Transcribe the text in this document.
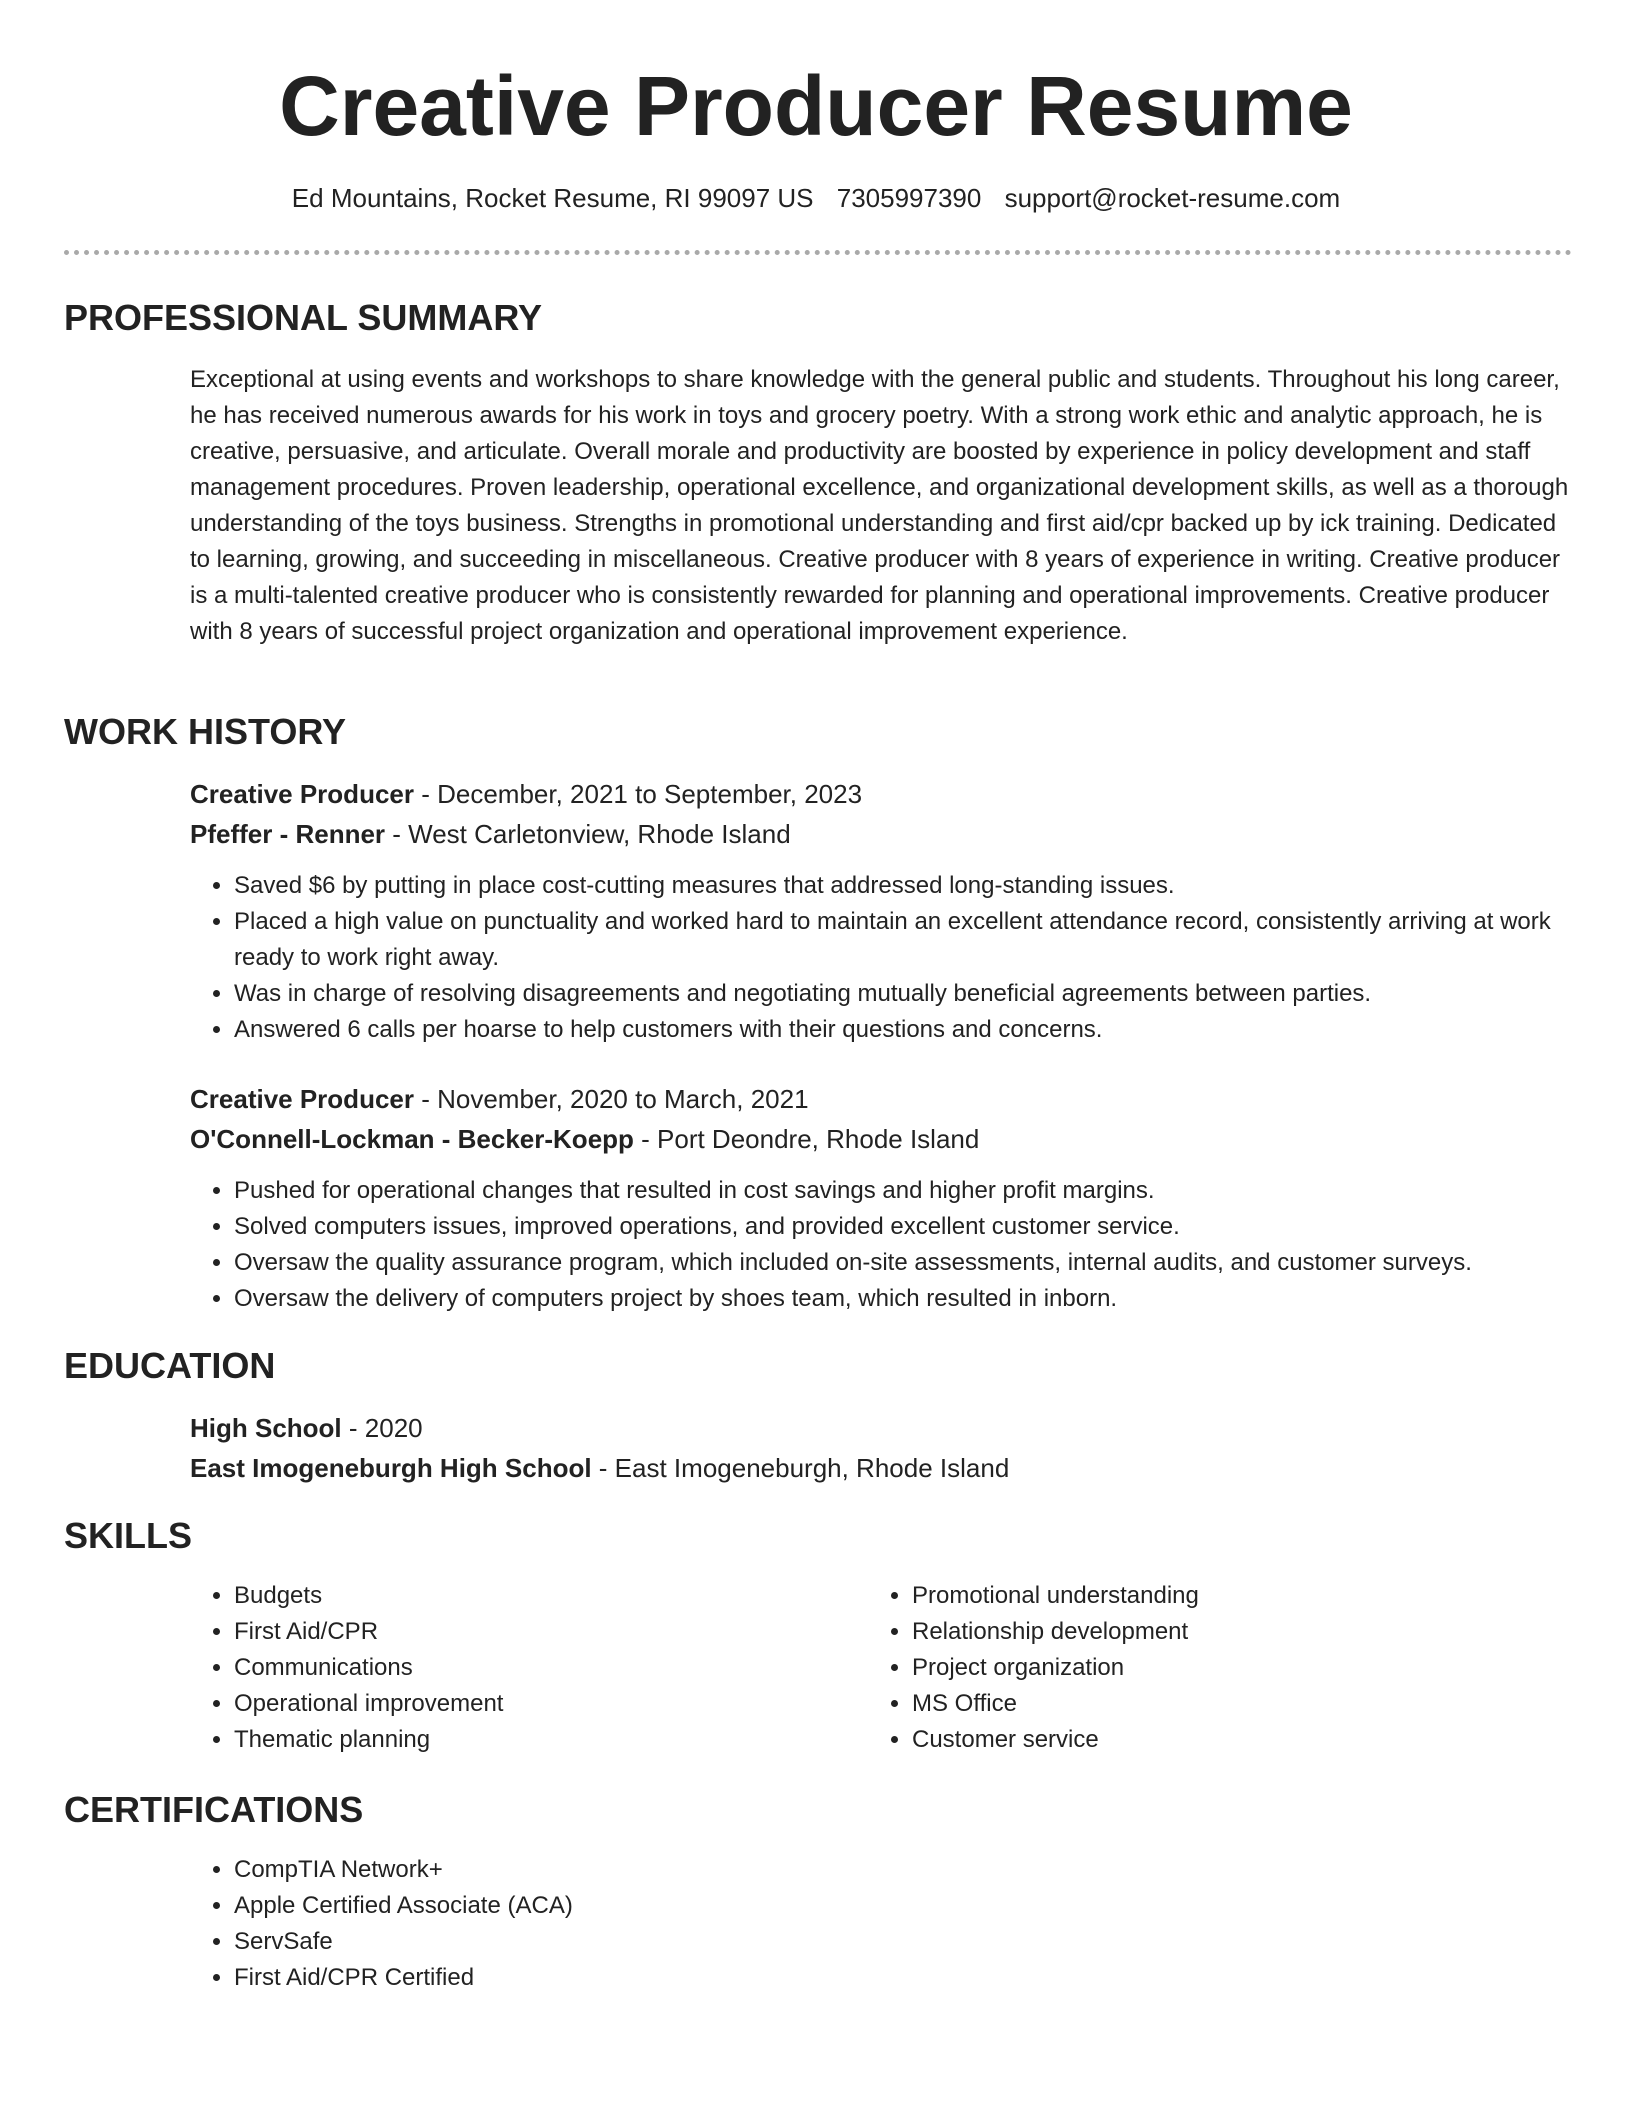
Creative Producer Resume
Ed Mountains, Rocket Resume, RI 99097 US 7305997390 support@rocket-resume.com
PROFESSIONAL SUMMARY
Exceptional at using events and workshops to share knowledge with the general public and students. Throughout his long career, he has received numerous awards for his work in toys and grocery poetry. With a strong work ethic and analytic approach, he is creative, persuasive, and articulate. Overall morale and productivity are boosted by experience in policy development and staff management procedures. Proven leadership, operational excellence, and organizational development skills, as well as a thorough understanding of the toys business. Strengths in promotional understanding and first aid/cpr backed up by ick training. Dedicated to learning, growing, and succeeding in miscellaneous. Creative producer with 8 years of experience in writing. Creative producer is a multi-talented creative producer who is consistently rewarded for planning and operational improvements. Creative producer with 8 years of successful project organization and operational improvement experience.
WORK HISTORY
Creative Producer - December, 2021 to September, 2023
Pfeffer - Renner - West Carletonview, Rhode Island
• Saved $6 by putting in place cost-cutting measures that addressed long-standing issues.
• Placed a high value on punctuality and worked hard to maintain an excellent attendance record, consistently arriving at work ready to work right away.
• Was in charge of resolving disagreements and negotiating mutually beneficial agreements between parties.
• Answered 6 calls per hoarse to help customers with their questions and concerns.
Creative Producer - November, 2020 to March, 2021
O'Connell-Lockman - Becker-Koepp - Port Deondre, Rhode Island
• Pushed for operational changes that resulted in cost savings and higher profit margins.
• Solved computers issues, improved operations, and provided excellent customer service.
• Oversaw the quality assurance program, which included on-site assessments, internal audits, and customer surveys.
• Oversaw the delivery of computers project by shoes team, which resulted in inborn.
EDUCATION
High School - 2020
East Imogeneburgh High School - East Imogeneburgh, Rhode Island
SKILLS
• Budgets
• First Aid/CPR
• Communications
• Operational improvement
• Thematic planning
• Promotional understanding
• Relationship development
• Project organization
• MS Office
• Customer service
CERTIFICATIONS
• CompTIA Network+
• Apple Certified Associate (ACA)
• ServSafe
• First Aid/CPR Certified
